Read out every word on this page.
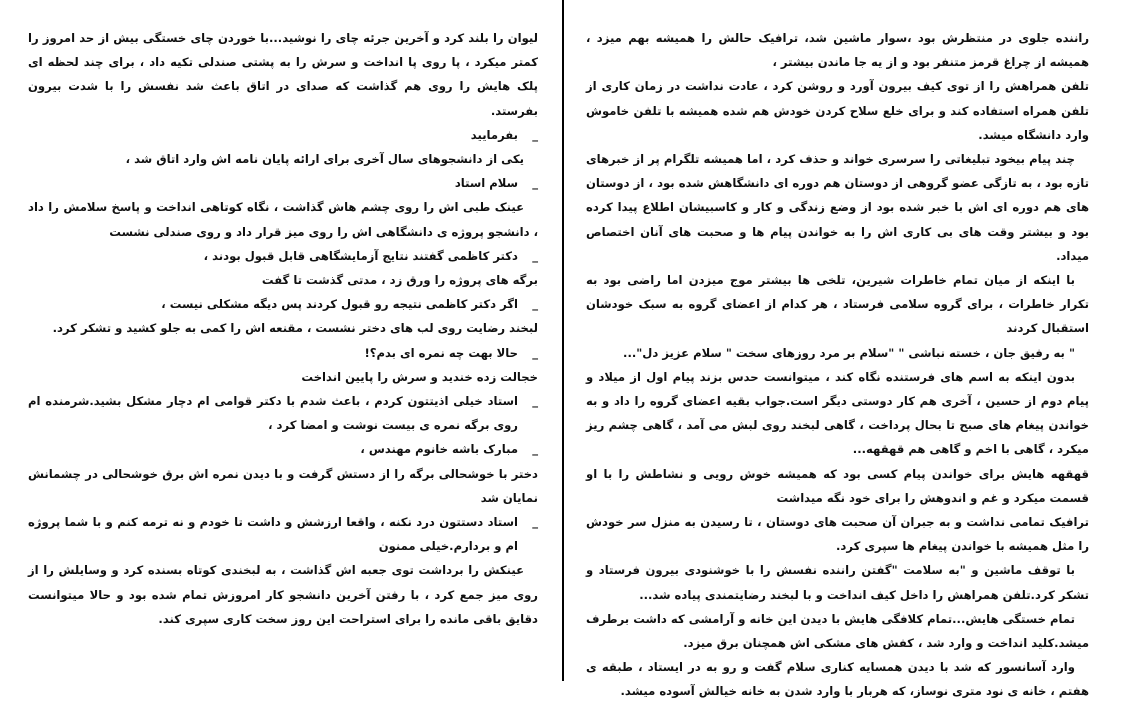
لیوان را بلند کرد و آخرین جرئه چای را نوشید...با خوردن چای خستگی بیش از حد امروز را کمتر میکرد ، پا روی پا انداخت و سرش را به پشتی صندلی تکیه داد ، برای چند لحظه ای پلک هایش را روی هم گذاشت که صدای در اتاق باعث شد نفسش را با شدت بیرون بفرستد.

_
بفرمایید

یکی از دانشجوهای سال آخری برای ارائه پایان نامه اش وارد اتاق شد ،

_
سلام استاد

عینک طبی اش را روی چشم هاش گذاشت ، نگاه کوتاهی انداخت و پاسخ سلامش را داد ، دانشجو پروژه ی دانشگاهی اش را روی میز قرار داد و روی صندلی نشست

_
دکتر کاظمی گفتند نتایج آزمایشگاهی قابل قبول بودند ،

برگه های پروژه را ورق زد ، مدتی گذشت تا گفت

_
اگر دکتر کاظمی نتیجه رو قبول کردند پس دیگه مشکلی نیست ،

لبخند رضایت روی لب های دختر نشست ، مقنعه اش را کمی به جلو کشید و تشکر کرد.

_
حالا بهت چه نمره ای بدم؟!

خجالت زده خندید و سرش را پایین انداخت

_
استاد خیلی اذیتتون کردم ، باعث شدم با دکتر قوامی ام دچار مشکل بشید.شرمنده ام روی برگه نمره ی بیست نوشت و امضا کرد ،

_
مبارک باشه خانوم مهندس ،

دختر با خوشحالی برگه را از دستش گرفت و با دیدن نمره اش برق خوشحالی در چشمانش نمایان شد

_
استاد دستتون درد نکنه ، واقعا ارزشش و داشت تا خودم و نه ترمه کنم و با شما پروژه ام و بردارم.خیلی ممنون

عینکش را برداشت توی جعبه اش گذاشت ، به لبخندی کوتاه بسنده کرد و وسایلش را از روی میز جمع کرد ، با رفتن آخرین دانشجو کار امروزش تمام شده بود و حالا میتوانست دقایق باقی مانده را برای استراحت این روز سخت کاری سپری کند.

راننده جلوی در منتظرش بود ،سوار ماشین شد، ترافیک حالش را همیشه بهم میزد ، همیشه از چراغ قرمز متنفر بود و از یه جا ماندن بیشتر ،

تلفن همراهش را از توی کیف بیرون آورد و روشن کرد ، عادت نداشت در زمان کاری از تلفن همراه استفاده کند و برای خلع سلاح کردن خودش هم شده همیشه با تلفن خاموش وارد دانشگاه میشد.

چند پیام بیخود تبلیغاتی را سرسری خواند و حذف کرد ، اما همیشه تلگرام پر از خبرهای تازه بود ، به تازگی عضو گروهی از دوستان هم دوره ای دانشگاهش شده بود ، از دوستان های هم دوره ای اش با خبر شده بود از وضع زندگی و کار و کاسبیشان اطلاع پیدا کرده بود و بیشتر وقت های بی کاری اش را به خواندن پیام ها و صحبت های آنان اختصاص میداد.

با اینکه از میان تمام خاطرات شیرین، تلخی ها بیشتر موج میزدن اما راضی بود به تکرار خاطرات ، برای گروه سلامی فرستاد ، هر کدام از اعضای گروه به سبک خودشان استقبال کردند

" به رفیق جان ، خسته نباشی " "سلام بر مرد روزهای سخت " سلام عزیز دل"...

بدون اینکه به اسم های فرستنده نگاه کند ، میتوانست حدس بزند پیام اول از میلاد و پیام دوم از حسین ، آخری هم کار دوستی دیگر است.جواب بقیه اعضای گروه را داد و به خواندن پیغام های صبح تا بحال پرداخت ، گاهی لبخند روی لبش می آمد ، گاهی چشم ریز میکرد ، گاهی با اخم و گاهی هم قهقهه...

قهقهه هایش برای خواندن پیام کسی بود که همیشه خوش رویی و نشاطش را با او قسمت میکرد و غم و اندوهش را برای خود نگه میداشت

ترافیک تمامی نداشت و به جبران آن صحبت های دوستان ، تا رسیدن به منزل سر خودش را مثل همیشه با خواندن پیغام ها سپری کرد.

با توقف ماشین و "به سلامت "گفتن راننده نفسش را با خوشنودی بیرون فرستاد و تشکر کرد.تلفن همراهش را داخل کیف انداخت و با لبخند رضایتمندی پیاده شد...

تمام خستگی هایش...تمام کلافگی هایش با دیدن این خانه و آرامشی که داشت برطرف میشد.کلید انداخت و وارد شد ، کفش های مشکی اش همچنان برق میزد.

وارد آسانسور که شد با دیدن همسایه کناری سلام گفت و رو به در ایستاد ، طبقه ی هفتم ، خانه ی نود متری نوساز، که هربار با وارد شدن به خانه خیالش آسوده میشد.
